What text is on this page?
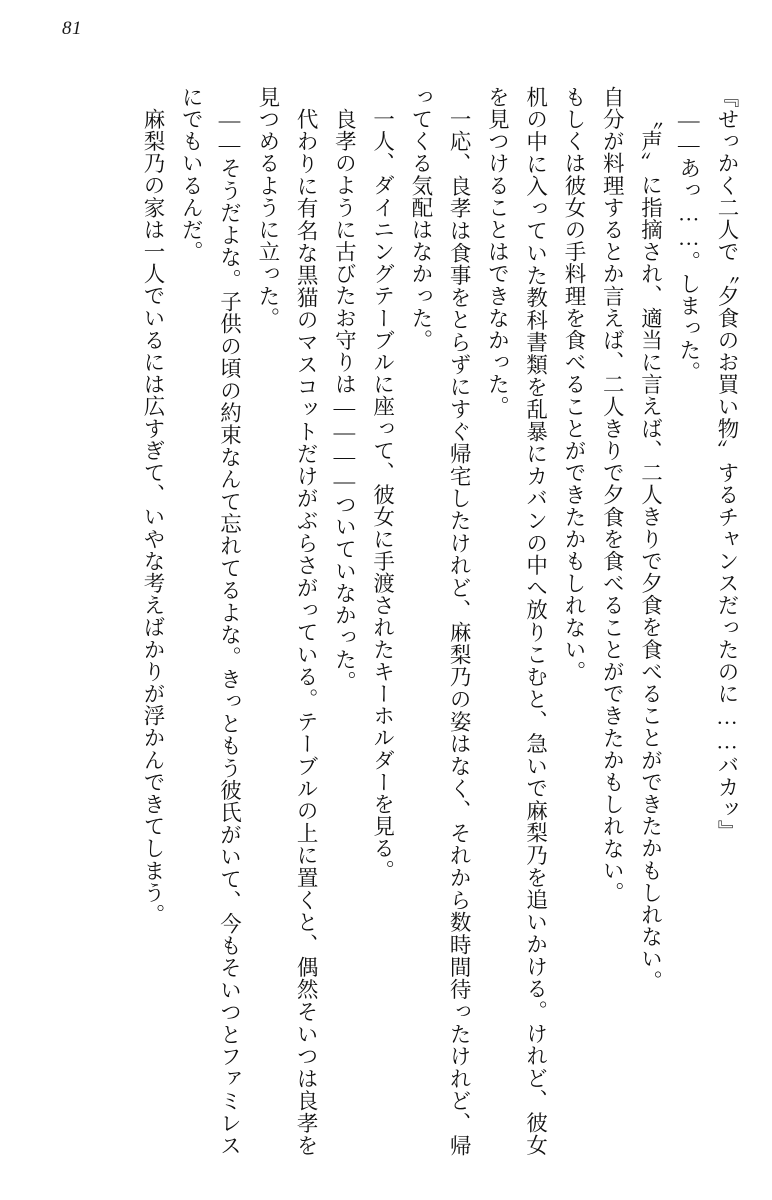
81

『せっかく二人で〝夕食のお買い物〟するチャンスだったのに……バカッ』

――あっ……。しまった。

〝声〟に指摘され、適当に言えば、二人きりで夕食を食べることができたかもしれない。

自分が料理するとか言えば、二人きりで夕食を食べることができたかもしれない。

もしくは彼女の手料理を食べることができたかもしれない。

机の中に入っていた教科書類を乱暴にカバンの中へ放りこむと、急いで麻梨乃を追いかける。けれど、彼女を見つけることはできなかった。

一応、良孝は食事をとらずにすぐ帰宅したけれど、麻梨乃の姿はなく、それから数時間待ったけれど、帰ってくる気配はなかった。

一人、ダイニングテーブルに座って、彼女に手渡されたキーホルダーを見る。

良孝のように古びたお守りは――――ついていなかった。

代わりに有名な黒猫のマスコットだけがぶらさがっている。テーブルの上に置くと、偶然そいつは良孝を見つめるように立った。

――そうだよな。子供の頃の約束なんて忘れてるよな。きっともう彼氏がいて、今もそいつとファミレスにでもいるんだ。

麻梨乃の家は一人でいるには広すぎて、いやな考えばかりが浮かんできてしまう。
